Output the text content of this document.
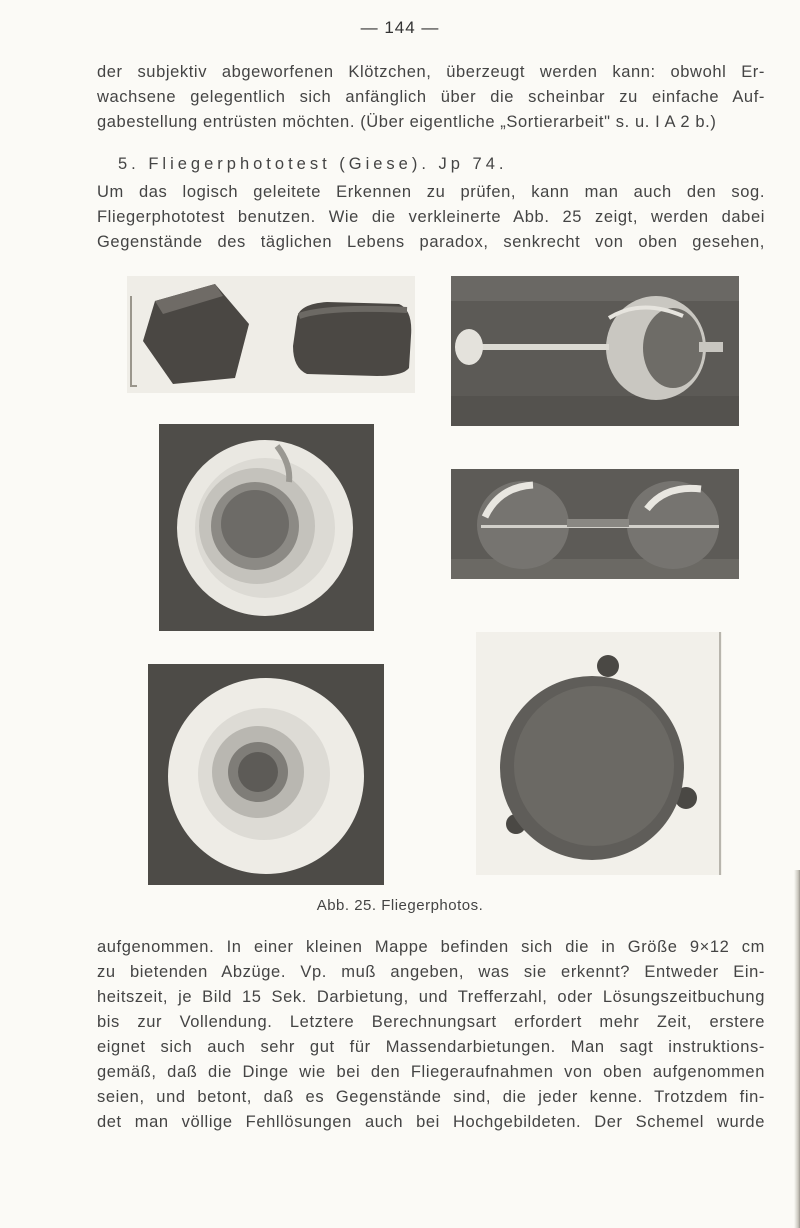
— 144 —
der subjektiv abgeworfenen Klötzchen, überzeugt werden kann: obwohl Er-
wachsene gelegentlich sich anfänglich über die scheinbar zu einfache Auf-
gabestellung entrüsten möchten. (Über eigentliche „Sortierarbeit" s. u. I A 2 b.)
5. Fliegerphototest (Giese). Jp 74.
Um das logisch geleitete Erkennen zu prüfen, kann man auch den sog.
Fliegerphototest benutzen. Wie die verkleinerte Abb. 25 zeigt, werden dabei
Gegenstände des täglichen Lebens paradox, senkrecht von oben gesehen,
Abb. 25. Fliegerphotos.
aufgenommen. In einer kleinen Mappe befinden sich die in Größe 9×12 cm
zu bietenden Abzüge. Vp. muß angeben, was sie erkennt? Entweder Ein-
heitszeit, je Bild 15 Sek. Darbietung, und Trefferzahl, oder Lösungszeitbuchung
bis zur Vollendung. Letztere Berechnungsart erfordert mehr Zeit, erstere
eignet sich auch sehr gut für Massendarbietungen. Man sagt instruktions-
gemäß, daß die Dinge wie bei den Fliegeraufnahmen von oben aufgenommen
seien, und betont, daß es Gegenstände sind, die jeder kenne. Trotzdem fin-
det man völlige Fehllösungen auch bei Hochgebildeten. Der Schemel wurde
